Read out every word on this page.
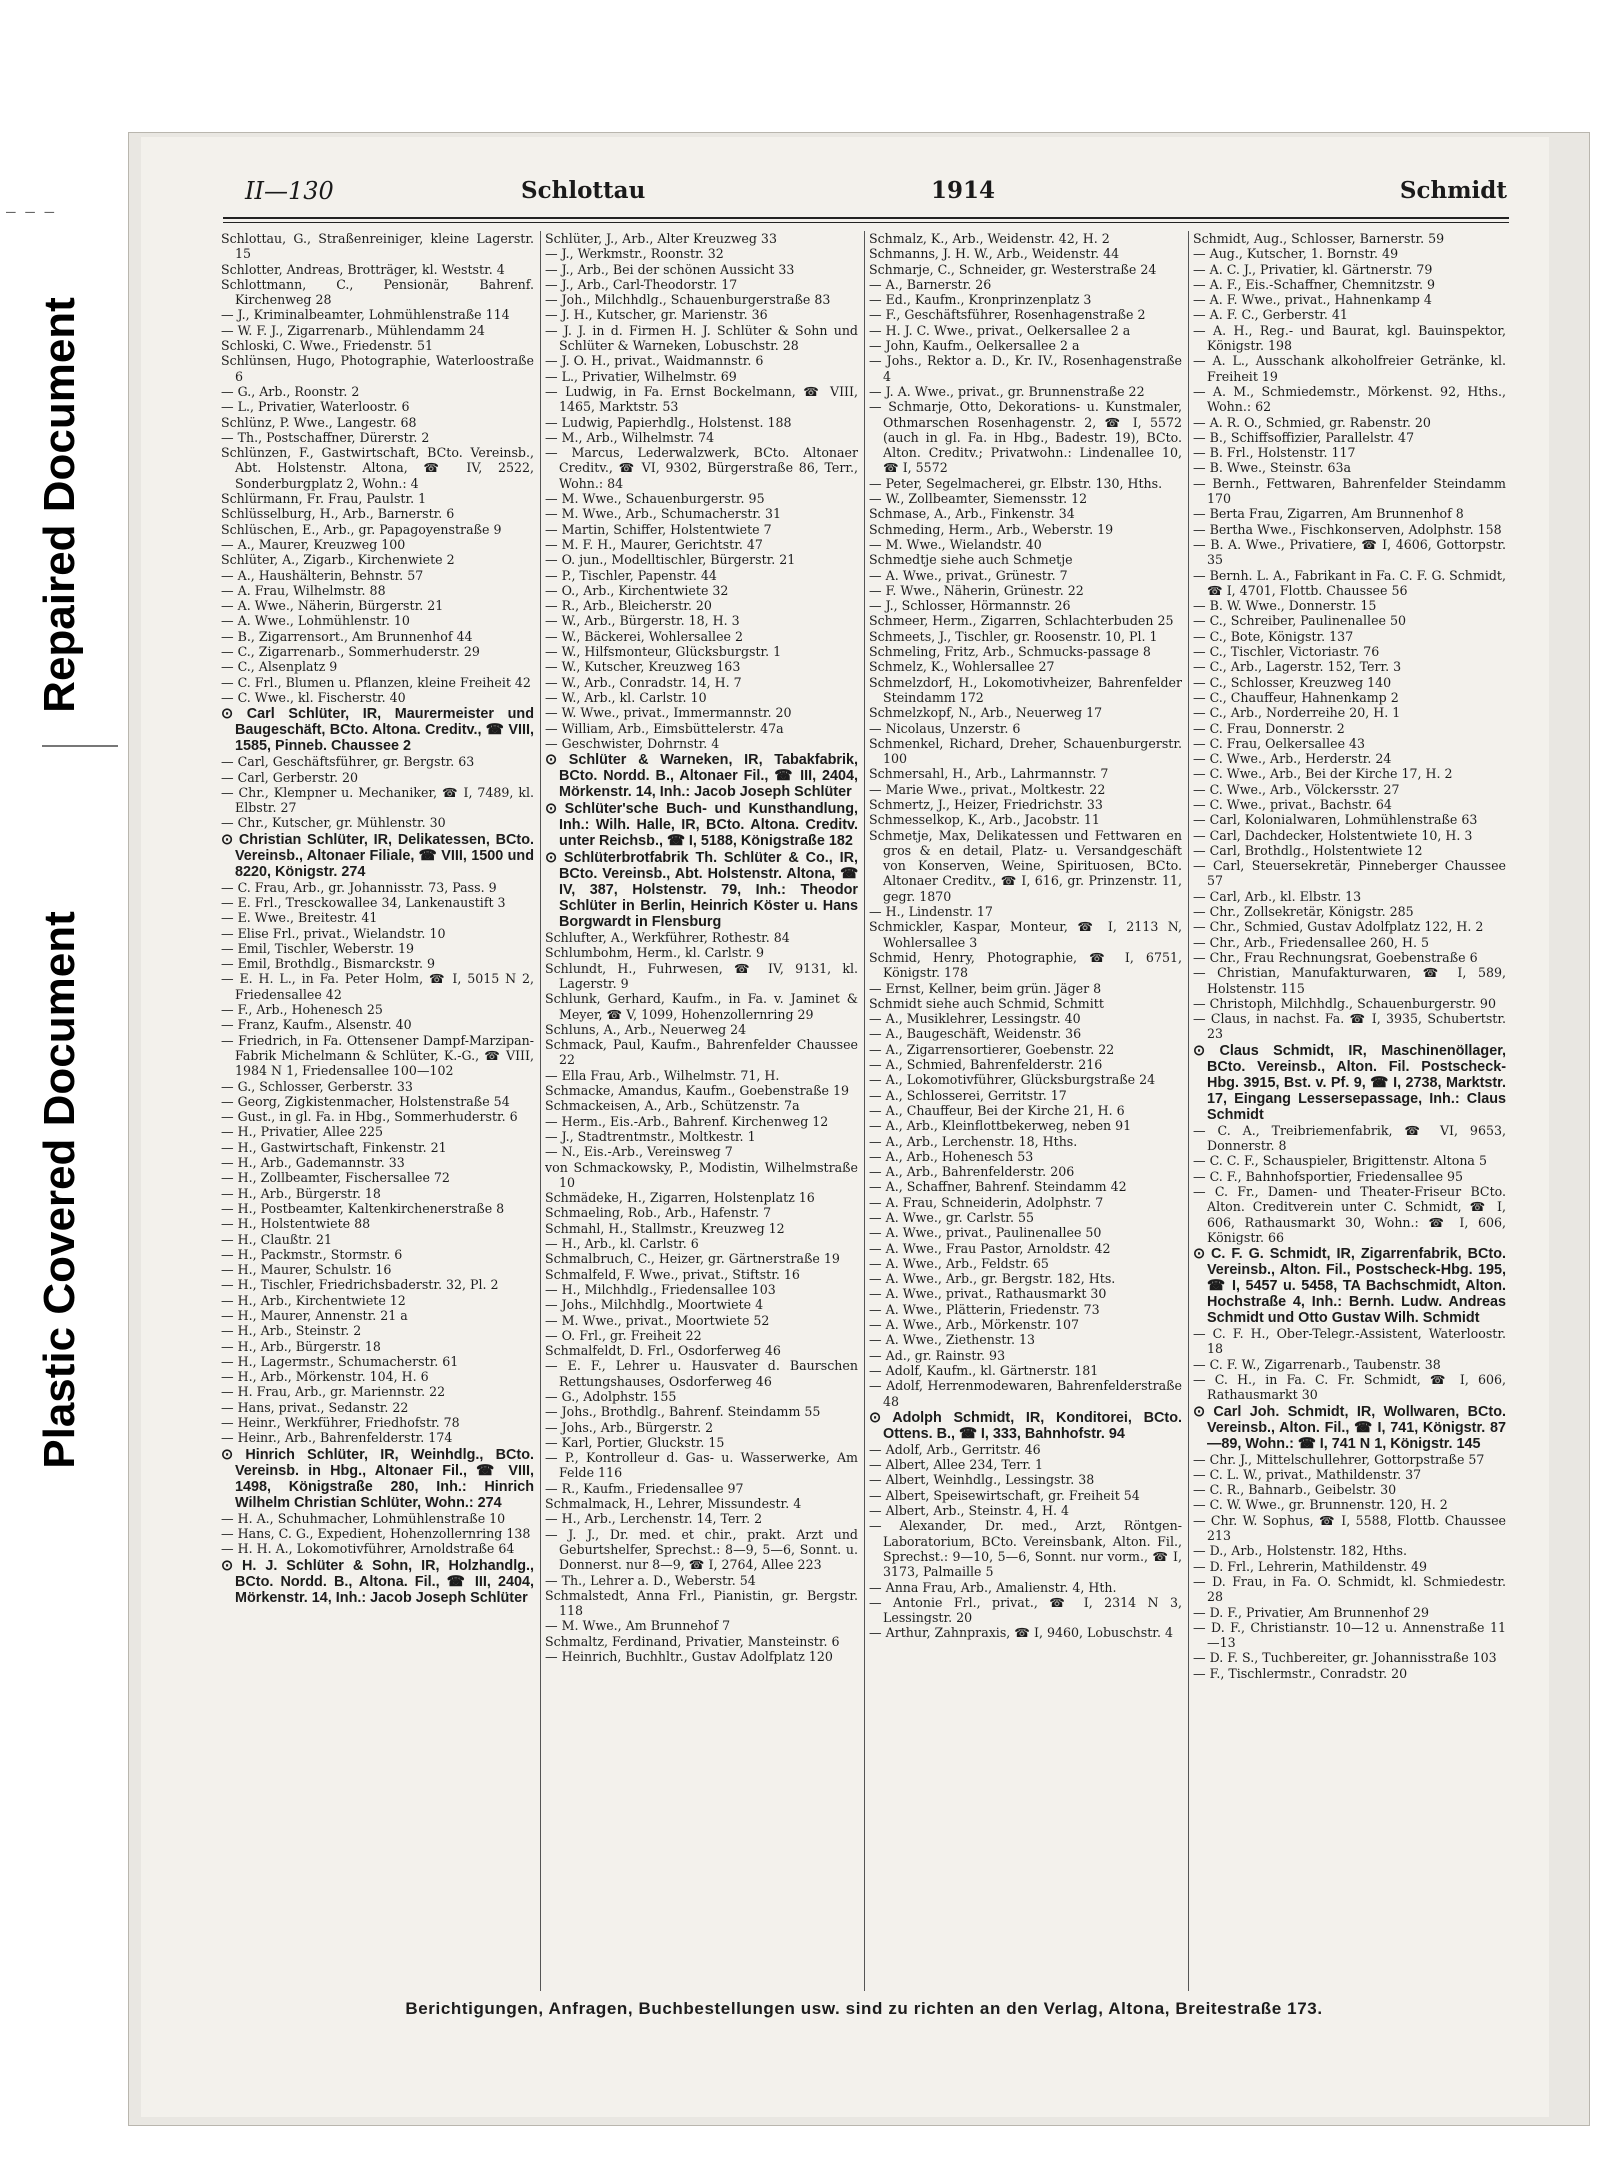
– – –
Repaired Document
Plastic Covered Document
II—130	Schlottau	1914	Schmidt

Schlottau, G., Straßenreiniger, kleine Lagerstr. 15

Schlotter, Andreas, Brotträger, kl. Weststr. 4

Schlottmann, C., Pensionär, Bahrenf. Kirchenweg 28

— J., Kriminalbeamter, Lohmühlenstraße 114

— W. F. J., Zigarrenarb., Mühlendamm 24

Schloski, C. Wwe., Friedenstr. 51

Schlünsen, Hugo, Photographie, Waterloostraße 6

— G., Arb., Roonstr. 2

— L., Privatier, Waterloostr. 6

Schlünz, P. Wwe., Langestr. 68

— Th., Postschaffner, Dürerstr. 2

Schlünzen, F., Gastwirtschaft, BCto. Vereinsb., Abt. Holstenstr. Altona, ☎ IV, 2522, Sonderburgplatz 2, Wohn.: 4

Schlürmann, Fr. Frau, Paulstr. 1

Schlüsselburg, H., Arb., Barnerstr. 6

Schlüschen, E., Arb., gr. Papagoyenstraße 9

— A., Maurer, Kreuzweg 100

Schlüter, A., Zigarb., Kirchenwiete 2

— A., Haushälterin, Behnstr. 57

— A. Frau, Wilhelmstr. 88

— A. Wwe., Näherin, Bürgerstr. 21

— A. Wwe., Lohmühlenstr. 10

— B., Zigarrensort., Am Brunnenhof 44

— C., Zigarrenarb., Sommerhuderstr. 29

— C., Alsenplatz 9

— C. Frl., Blumen u. Pflanzen, kleine Freiheit 42

— C. Wwe., kl. Fischerstr. 40

⊙ Carl Schlüter, IR, Maurermeister und Baugeschäft, BCto. Altona. Creditv., ☎ VIII, 1585, Pinneb. Chaussee 2

— Carl, Geschäftsführer, gr. Bergstr. 63

— Carl, Gerberstr. 20

— Chr., Klempner u. Mechaniker, ☎ I, 7489, kl. Elbstr. 27

— Chr., Kutscher, gr. Mühlenstr. 30

⊙ Christian Schlüter, IR, Delikatessen, BCto. Vereinsb., Altonaer Filiale, ☎ VIII, 1500 und 8220, Königstr. 274

— C. Frau, Arb., gr. Johannisstr. 73, Pass. 9

— E. Frl., Tresckowallee 34, Lankenaustift 3

— E. Wwe., Breitestr. 41

— Elise Frl., privat., Wielandstr. 10

— Emil, Tischler, Weberstr. 19

— Emil, Brothdlg., Bismarckstr. 9

— E. H. L., in Fa. Peter Holm, ☎ I, 5015 N 2, Friedensallee 42

— F., Arb., Hohenesch 25

— Franz, Kaufm., Alsenstr. 40

— Friedrich, in Fa. Ottensener Dampf-Marzipan-Fabrik Michelmann & Schlüter, K.-G., ☎ VIII, 1984 N 1, Friedensallee 100—102

— G., Schlosser, Gerberstr. 33

— Georg, Zigkistenmacher, Holstenstraße 54

— Gust., in gl. Fa. in Hbg., Sommerhuderstr. 6

— H., Privatier, Allee 225

— H., Gastwirtschaft, Finkenstr. 21

— H., Arb., Gademannstr. 33

— H., Zollbeamter, Fischersallee 72

— H., Arb., Bürgerstr. 18

— H., Postbeamter, Kaltenkirchenerstraße 8

— H., Holstentwiete 88

— H., Claußtr. 21

— H., Packmstr., Stormstr. 6

— H., Maurer, Schulstr. 16

— H., Tischler, Friedrichsbaderstr. 32, Pl. 2

— H., Arb., Kirchentwiete 12

— H., Maurer, Annenstr. 21 a

— H., Arb., Steinstr. 2

— H., Arb., Bürgerstr. 18

— H., Lagermstr., Schumacherstr. 61

— H., Arb., Mörkenstr. 104, H. 6

— H. Frau, Arb., gr. Mariennstr. 22

— Hans, privat., Sedanstr. 22

— Heinr., Werkführer, Friedhofstr. 78

— Heinr., Arb., Bahrenfelderstr. 174

⊙ Hinrich Schlüter, IR, Weinhdlg., BCto. Vereinsb. in Hbg., Altonaer Fil., ☎ VIII, 1498, Königstraße 280, Inh.: Hinrich Wilhelm Christian Schlüter, Wohn.: 274

— H. A., Schuhmacher, Lohmühlenstraße 10

— Hans, C. G., Expedient, Hohenzollernring 138

— H. H. A., Lokomotivführer, Arnoldstraße 64

⊙ H. J. Schlüter & Sohn, IR, Holzhandlg., BCto. Nordd. B., Altona. Fil., ☎ III, 2404, Mörkenstr. 14, Inh.: Jacob Joseph Schlüter

Schlüter, J., Arb., Alter Kreuzweg 33

— J., Werkmstr., Roonstr. 32

— J., Arb., Bei der schönen Aussicht 33

— J., Arb., Carl-Theodorstr. 17

— Joh., Milchhdlg., Schauenburgerstraße 83

— J. H., Kutscher, gr. Marienstr. 36

— J. J. in d. Firmen H. J. Schlüter & Sohn und Schlüter & Warneken, Lobuschstr. 28

— J. O. H., privat., Waidmannstr. 6

— L., Privatier, Wilhelmstr. 69

— Ludwig, in Fa. Ernst Bockelmann, ☎ VIII, 1465, Marktstr. 53

— Ludwig, Papierhdlg., Holstenst. 188

— M., Arb., Wilhelmstr. 74

— Marcus, Lederwalzwerk, BCto. Altonaer Creditv., ☎ VI, 9302, Bürgerstraße 86, Terr., Wohn.: 84

— M. Wwe., Schauenburgerstr. 95

— M. Wwe., Arb., Schumacherstr. 31

— Martin, Schiffer, Holstentwiete 7

— M. F. H., Maurer, Gerichtstr. 47

— O. jun., Modelltischler, Bürgerstr. 21

— P., Tischler, Papenstr. 44

— O., Arb., Kirchentwiete 32

— R., Arb., Bleicherstr. 20

— W., Arb., Bürgerstr. 18, H. 3

— W., Bäckerei, Wohlersallee 2

— W., Hilfsmonteur, Glücksburgstr. 1

— W., Kutscher, Kreuzweg 163

— W., Arb., Conradstr. 14, H. 7

— W., Arb., kl. Carlstr. 10

— W. Wwe., privat., Immermannstr. 20

— William, Arb., Eimsbüttelerstr. 47a

— Geschwister, Dohrnstr. 4

⊙ Schlüter & Warneken, IR, Tabakfabrik, BCto. Nordd. B., Altonaer Fil., ☎ III, 2404, Mörkenstr. 14, Inh.: Jacob Joseph Schlüter

⊙ Schlüter'sche Buch- und Kunsthandlung, Inh.: Wilh. Halle, IR, BCto. Altona. Creditv. unter Reichsb., ☎ I, 5188, Königstraße 182

⊙ Schlüterbrotfabrik Th. Schlüter & Co., IR, BCto. Vereinsb., Abt. Holstenstr. Altona, ☎ IV, 387, Holstenstr. 79, Inh.: Theodor Schlüter in Berlin, Heinrich Köster u. Hans Borgwardt in Flensburg

Schlufter, A., Werkführer, Rothestr. 84

Schlumbohm, Herm., kl. Carlstr. 9

Schlundt, H., Fuhrwesen, ☎ IV, 9131, kl. Lagerstr. 9

Schlunk, Gerhard, Kaufm., in Fa. v. Jaminet & Meyer, ☎ V, 1099, Hohenzollernring 29

Schluns, A., Arb., Neuerweg 24

Schmack, Paul, Kaufm., Bahrenfelder Chaussee 22

— Ella Frau, Arb., Wilhelmstr. 71, H.

Schmacke, Amandus, Kaufm., Goebenstraße 19

Schmackeisen, A., Arb., Schützenstr. 7a

— Herm., Eis.-Arb., Bahrenf. Kirchenweg 12

— J., Stadtrentmstr., Moltkestr. 1

— N., Eis.-Arb., Vereinsweg 7

von Schmackowsky, P., Modistin, Wilhelmstraße 10

Schmädeke, H., Zigarren, Holstenplatz 16

Schmaeling, Rob., Arb., Hafenstr. 7

Schmahl, H., Stallmstr., Kreuzweg 12

— H., Arb., kl. Carlstr. 6

Schmalbruch, C., Heizer, gr. Gärtnerstraße 19

Schmalfeld, F. Wwe., privat., Stiftstr. 16

— H., Milchhdlg., Friedensallee 103

— Johs., Milchhdlg., Moortwiete 4

— M. Wwe., privat., Moortwiete 52

— O. Frl., gr. Freiheit 22

Schmalfeldt, D. Frl., Osdorferweg 46

— E. F., Lehrer u. Hausvater d. Baurschen Rettungshauses, Osdorferweg 46

— G., Adolphstr. 155

— Johs., Brothdlg., Bahrenf. Steindamm 55

— Johs., Arb., Bürgerstr. 2

— Karl, Portier, Gluckstr. 15

— P., Kontrolleur d. Gas- u. Wasserwerke, Am Felde 116

— R., Kaufm., Friedensallee 97

Schmalmack, H., Lehrer, Missundestr. 4

— H., Arb., Lerchenstr. 14, Terr. 2

— J. J., Dr. med. et chir., prakt. Arzt und Geburtshelfer, Sprechst.: 8—9, 5—6, Sonnt. u. Donnerst. nur 8—9, ☎ I, 2764, Allee 223

— Th., Lehrer a. D., Weberstr. 54

Schmalstedt, Anna Frl., Pianistin, gr. Bergstr. 118

— M. Wwe., Am Brunnehof 7

Schmaltz, Ferdinand, Privatier, Mansteinstr. 6

— Heinrich, Buchhltr., Gustav Adolfplatz 120

Schmalz, K., Arb., Weidenstr. 42, H. 2

Schmanns, J. H. W., Arb., Weidenstr. 44

Schmarje, C., Schneider, gr. Westerstraße 24

— A., Barnerstr. 26

— Ed., Kaufm., Kronprinzenplatz 3

— F., Geschäftsführer, Rosenhagenstraße 2

— H. J. C. Wwe., privat., Oelkersallee 2 a

— John, Kaufm., Oelkersallee 2 a

— Johs., Rektor a. D., Kr. IV., Rosenhagenstraße 4

— J. A. Wwe., privat., gr. Brunnenstraße 22

— Schmarje, Otto, Dekorations- u. Kunstmaler, Othmarschen Rosenhagenstr. 2, ☎ I, 5572 (auch in gl. Fa. in Hbg., Badestr. 19), BCto. Alton. Creditv.; Privatwohn.: Lindenallee 10, ☎ I, 5572

— Peter, Segelmacherei, gr. Elbstr. 130, Hths.

— W., Zollbeamter, Siemensstr. 12

Schmase, A., Arb., Finkenstr. 34

Schmeding, Herm., Arb., Weberstr. 19

— M. Wwe., Wielandstr. 40

Schmedtje siehe auch Schmetje

— A. Wwe., privat., Grünestr. 7

— F. Wwe., Näherin, Grünestr. 22

— J., Schlosser, Hörmannstr. 26

Schmeer, Herm., Zigarren, Schlachterbuden 25

Schmeets, J., Tischler, gr. Roosenstr. 10, Pl. 1

Schmeling, Fritz, Arb., Schmucks-passage 8

Schmelz, K., Wohlersallee 27

Schmelzdorf, H., Lokomotivheizer, Bahrenfelder Steindamm 172

Schmelzkopf, N., Arb., Neuerweg 17

— Nicolaus, Unzerstr. 6

Schmenkel, Richard, Dreher, Schauenburgerstr. 100

Schmersahl, H., Arb., Lahrmannstr. 7

— Marie Wwe., privat., Moltkestr. 22

Schmertz, J., Heizer, Friedrichstr. 33

Schmesselkop, K., Arb., Jacobstr. 11

Schmetje, Max, Delikatessen und Fettwaren en gros & en detail, Platz- u. Versandgeschäft von Konserven, Weine, Spirituosen, BCto. Altonaer Creditv., ☎ I, 616, gr. Prinzenstr. 11, gegr. 1870

— H., Lindenstr. 17

Schmickler, Kaspar, Monteur, ☎ I, 2113 N, Wohlersallee 3

Schmid, Henry, Photographie, ☎ I, 6751, Königstr. 178

— Ernst, Kellner, beim grün. Jäger 8

Schmidt siehe auch Schmid, Schmitt

— A., Musiklehrer, Lessingstr. 40

— A., Baugeschäft, Weidenstr. 36

— A., Zigarrensortierer, Goebenstr. 22

— A., Schmied, Bahrenfelderstr. 216

— A., Lokomotivführer, Glücksburgstraße 24

— A., Schlosserei, Gerritstr. 17

— A., Chauffeur, Bei der Kirche 21, H. 6

— A., Arb., Kleinflottbekerweg, neben 91

— A., Arb., Lerchenstr. 18, Hths.

— A., Arb., Hohenesch 53

— A., Arb., Bahrenfelderstr. 206

— A., Schaffner, Bahrenf. Steindamm 42

— A. Frau, Schneiderin, Adolphstr. 7

— A. Wwe., gr. Carlstr. 55

— A. Wwe., privat., Paulinenallee 50

— A. Wwe., Frau Pastor, Arnoldstr. 42

— A. Wwe., Arb., Feldstr. 65

— A. Wwe., Arb., gr. Bergstr. 182, Hts.

— A. Wwe., privat., Rathausmarkt 30

— A. Wwe., Plätterin, Friedenstr. 73

— A. Wwe., Arb., Mörkenstr. 107

— A. Wwe., Ziethenstr. 13

— Ad., gr. Rainstr. 93

— Adolf, Kaufm., kl. Gärtnerstr. 181

— Adolf, Herrenmodewaren, Bahrenfelderstraße 48

⊙ Adolph Schmidt, IR, Konditorei, BCto. Ottens. B., ☎ I, 333, Bahnhofstr. 94

— Adolf, Arb., Gerritstr. 46

— Albert, Allee 234, Terr. 1

— Albert, Weinhdlg., Lessingstr. 38

— Albert, Speisewirtschaft, gr. Freiheit 54

— Albert, Arb., Steinstr. 4, H. 4

— Alexander, Dr. med., Arzt, Röntgen-Laboratorium, BCto. Vereinsbank, Alton. Fil., Sprechst.: 9—10, 5—6, Sonnt. nur vorm., ☎ I, 3173, Palmaille 5

— Anna Frau, Arb., Amalienstr. 4, Hth.

— Antonie Frl., privat., ☎ I, 2314 N 3, Lessingstr. 20

— Arthur, Zahnpraxis, ☎ I, 9460, Lobuschstr. 4

Schmidt, Aug., Schlosser, Barnerstr. 59

— Aug., Kutscher, 1. Bornstr. 49

— A. C. J., Privatier, kl. Gärtnerstr. 79

— A. F., Eis.-Schaffner, Chemnitzstr. 9

— A. F. Wwe., privat., Hahnenkamp 4

— A. F. C., Gerberstr. 41

— A. H., Reg.- und Baurat, kgl. Bauinspektor, Königstr. 198

— A. L., Ausschank alkoholfreier Getränke, kl. Freiheit 19

— A. M., Schmiedemstr., Mörkenst. 92, Hths., Wohn.: 62

— A. R. O., Schmied, gr. Rabenstr. 20

— B., Schiffsoffizier, Parallelstr. 47

— B. Frl., Holstenstr. 117

— B. Wwe., Steinstr. 63a

— Bernh., Fettwaren, Bahrenfelder Steindamm 170

— Berta Frau, Zigarren, Am Brunnenhof 8

— Bertha Wwe., Fischkonserven, Adolphstr. 158

— B. A. Wwe., Privatiere, ☎ I, 4606, Gottorpstr. 35

— Bernh. L. A., Fabrikant in Fa. C. F. G. Schmidt, ☎ I, 4701, Flottb. Chaussee 56

— B. W. Wwe., Donnerstr. 15

— C., Schreiber, Paulinenallee 50

— C., Bote, Königstr. 137

— C., Tischler, Victoriastr. 76

— C., Arb., Lagerstr. 152, Terr. 3

— C., Schlosser, Kreuzweg 140

— C., Chauffeur, Hahnenkamp 2

— C., Arb., Norderreihe 20, H. 1

— C. Frau, Donnerstr. 2

— C. Frau, Oelkersallee 43

— C. Wwe., Arb., Herderstr. 24

— C. Wwe., Arb., Bei der Kirche 17, H. 2

— C. Wwe., Arb., Völckersstr. 27

— C. Wwe., privat., Bachstr. 64

— Carl, Kolonialwaren, Lohmühlenstraße 63

— Carl, Dachdecker, Holstentwiete 10, H. 3

— Carl, Brothdlg., Holstentwiete 12

— Carl, Steuersekretär, Pinneberger Chaussee 57

— Carl, Arb., kl. Elbstr. 13

— Chr., Zollsekretär, Königstr. 285

— Chr., Schmied, Gustav Adolfplatz 122, H. 2

— Chr., Arb., Friedensallee 260, H. 5

— Chr., Frau Rechnungsrat, Goebenstraße 6

— Christian, Manufakturwaren, ☎ I, 589, Holstenstr. 115

— Christoph, Milchhdlg., Schauenburgerstr. 90

— Claus, in nachst. Fa. ☎ I, 3935, Schubertstr. 23

⊙ Claus Schmidt, IR, Maschinenöllager, BCto. Vereinsb., Alton. Fil. Postscheck-Hbg. 3915, Bst. v. Pf. 9, ☎ I, 2738, Marktstr. 17, Eingang Lessersepassage, Inh.: Claus Schmidt

— C. A., Treibriemenfabrik, ☎ VI, 9653, Donnerstr. 8

— C. C. F., Schauspieler, Brigittenstr. Altona 5

— C. F., Bahnhofsportier, Friedensallee 95

— C. Fr., Damen- und Theater-Friseur BCto. Alton. Creditverein unter C. Schmidt, ☎ I, 606, Rathausmarkt 30, Wohn.: ☎ I, 606, Königstr. 66

⊙ C. F. G. Schmidt, IR, Zigarrenfabrik, BCto. Vereinsb., Alton. Fil., Postscheck-Hbg. 195, ☎ I, 5457 u. 5458, TA Bachschmidt, Alton. Hochstraße 4, Inh.: Bernh. Ludw. Andreas Schmidt und Otto Gustav Wilh. Schmidt

— C. F. H., Ober-Telegr.-Assistent, Waterloostr. 18

— C. F. W., Zigarrenarb., Taubenstr. 38

— C. H., in Fa. C. Fr. Schmidt, ☎ I, 606, Rathausmarkt 30

⊙ Carl Joh. Schmidt, IR, Wollwaren, BCto. Vereinsb., Alton. Fil., ☎ I, 741, Königstr. 87—89, Wohn.: ☎ I, 741 N 1, Königstr. 145

— Chr. J., Mittelschullehrer, Gottorpstraße 57

— C. L. W., privat., Mathildenstr. 37

— C. R., Bahnarb., Geibelstr. 30

— C. W. Wwe., gr. Brunnenstr. 120, H. 2

— Chr. W. Sophus, ☎ I, 5588, Flottb. Chaussee 213

— D., Arb., Holstenstr. 182, Hths.

— D. Frl., Lehrerin, Mathildenstr. 49

— D. Frau, in Fa. O. Schmidt, kl. Schmiedestr. 28

— D. F., Privatier, Am Brunnenhof 29

— D. F., Christianstr. 10—12 u. Annenstraße 11—13

— D. F. S., Tuchbereiter, gr. Johannisstraße 103

— F., Tischlermstr., Conradstr. 20

Berichtigungen, Anfragen, Buchbestellungen usw. sind zu richten an den Verlag, Altona, Breitestraße 173.
